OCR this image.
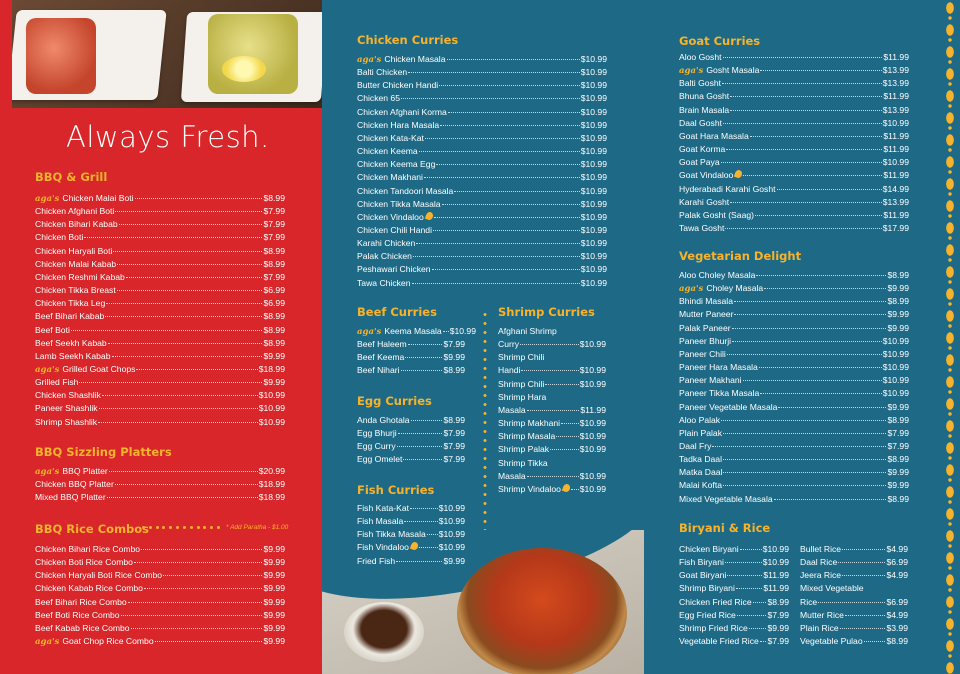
Always Fresh.
* Add Paratha - $1.00
BBQ & Grill
aga's Chicken Malai Boti	$8.99
Chicken Afghani Boti	$7.99
Chicken Bihari Kabab	$7.99
Chicken Boti	$7.99
Chicken Haryali Boti	$8.99
Chicken Malai Kabab	$8.99
Chicken Reshmi Kabab	$7.99
Chicken Tikka Breast	$6.99
Chicken Tikka Leg	$6.99
Beef Bihari Kabab	$8.99
Beef Boti	$8.99
Beef Seekh Kabab	$8.99
Lamb Seekh Kabab	$9.99
aga's Grilled Goat Chops	$18.99
Grilled Fish	$9.99
Chicken Shashlik	$10.99
Paneer Shashlik	$10.99
Shrimp Shashlik	$10.99
BBQ Sizzling Platters
aga's BBQ Platter	$20.99
Chicken BBQ Platter	$18.99
Mixed BBQ Platter	$18.99
BBQ Rice Combos
Chicken Bihari Rice Combo	$9.99
Chicken Boti Rice Combo	$9.99
Chicken Haryali Boti Rice Combo	$9.99
Chicken Kabab Rice Combo	$9.99
Beef Bihari Rice Combo	$9.99
Beef Boti Rice Combo	$9.99
Beef Kabab Rice Combo	$9.99
aga's Goat Chop Rice Combo	$9.99
Chicken Curries
aga's Chicken Masala	$10.99
Balti Chicken	$10.99
Butter Chicken Handi	$10.99
Chicken 65	$10.99
Chicken Afghani Korma	$10.99
Chicken Hara Masala	$10.99
Chicken Kata-Kat	$10.99
Chicken Keema	$10.99
Chicken Keema Egg	$10.99
Chicken Makhani	$10.99
Chicken Tandoori Masala	$10.99
Chicken Tikka Masala	$10.99
Chicken Vindaloo	$10.99
Chicken Chili Handi	$10.99
Karahi Chicken	$10.99
Palak Chicken	$10.99
Peshawari Chicken	$10.99
Tawa Chicken	$10.99
Beef Curries
aga's Keema Masala $10.99
Beef Haleem	$7.99
Beef Keema	$9.99
Beef Nihari	$8.99
Egg Curries
Anda Ghotala	$8.99
Egg Bhurji	$7.99
Egg Curry	$7.99
Egg Omelet	$7.99
Fish Curries
Fish Kata-Kat	$10.99
Fish Masala	$10.99
Fish Tikka Masala $10.99
Fish Vindaloo	$10.99
Fried Fish	$9.99
Shrimp Curries
Afghani Shrimp
Curry	$10.99
Shrimp Chili
Handi	$10.99
Shrimp Chili	$10.99
Shrimp Hara
Masala	$11.99
Shrimp Makhani $10.99
Shrimp Masala	$10.99
Shrimp Palak	$10.99
Shrimp Tikka
Masala	$10.99
Shrimp Vindaloo	$10.99
Goat Curries
Aloo Gosht	$11.99
aga's Gosht Masala	$13.99
Balti Gosht	$13.99
Bhuna Gosht	$11.99
Brain Masala	$13.99
Daal Gosht	$10.99
Goat Hara Masala	$11.99
Goat Korma	$11.99
Goat Paya	$10.99
Goat Vindaloo	$11.99
Hyderabadi Karahi Gosht	$14.99
Karahi Gosht	$13.99
Palak Gosht (Saag)	$11.99
Tawa Gosht	$17.99
Vegetarian Delight
Aloo Choley Masala	$8.99
aga's Choley Masala	$9.99
Bhindi Masala	$8.99
Mutter Paneer	$9.99
Palak Paneer	$9.99
Paneer Bhurji	$10.99
Paneer Chili	$10.99
Paneer Hara Masala	$10.99
Paneer Makhani	$10.99
Paneer Tikka Masala	$10.99
Paneer Vegetable Masala	$9.99
Aloo Palak	$8.99
Plain Palak	$7.99
Daal Fry	$7.99
Tadka Daal	$8.99
Matka Daal	$9.99
Malai Kofta	$9.99
Mixed Vegetable Masala	$8.99
Biryani & Rice
Chicken Biryani	$10.99
Fish Biryani	$10.99
Goat Biryani	$11.99
Shrimp Biryani	$11.99
Chicken Fried Rice $8.99
Egg Fried Rice	$7.99
Shrimp Fried Rice $9.99
Vegetable Fried Rice $7.99
Bullet Rice	$4.99
Daal Rice	$6.99
Jeera Rice	$4.99
Mixed Vegetable
Rice	$6.99
Mutter Rice	$4.99
Plain Rice	$3.99
Vegetable Pulao	$8.99
